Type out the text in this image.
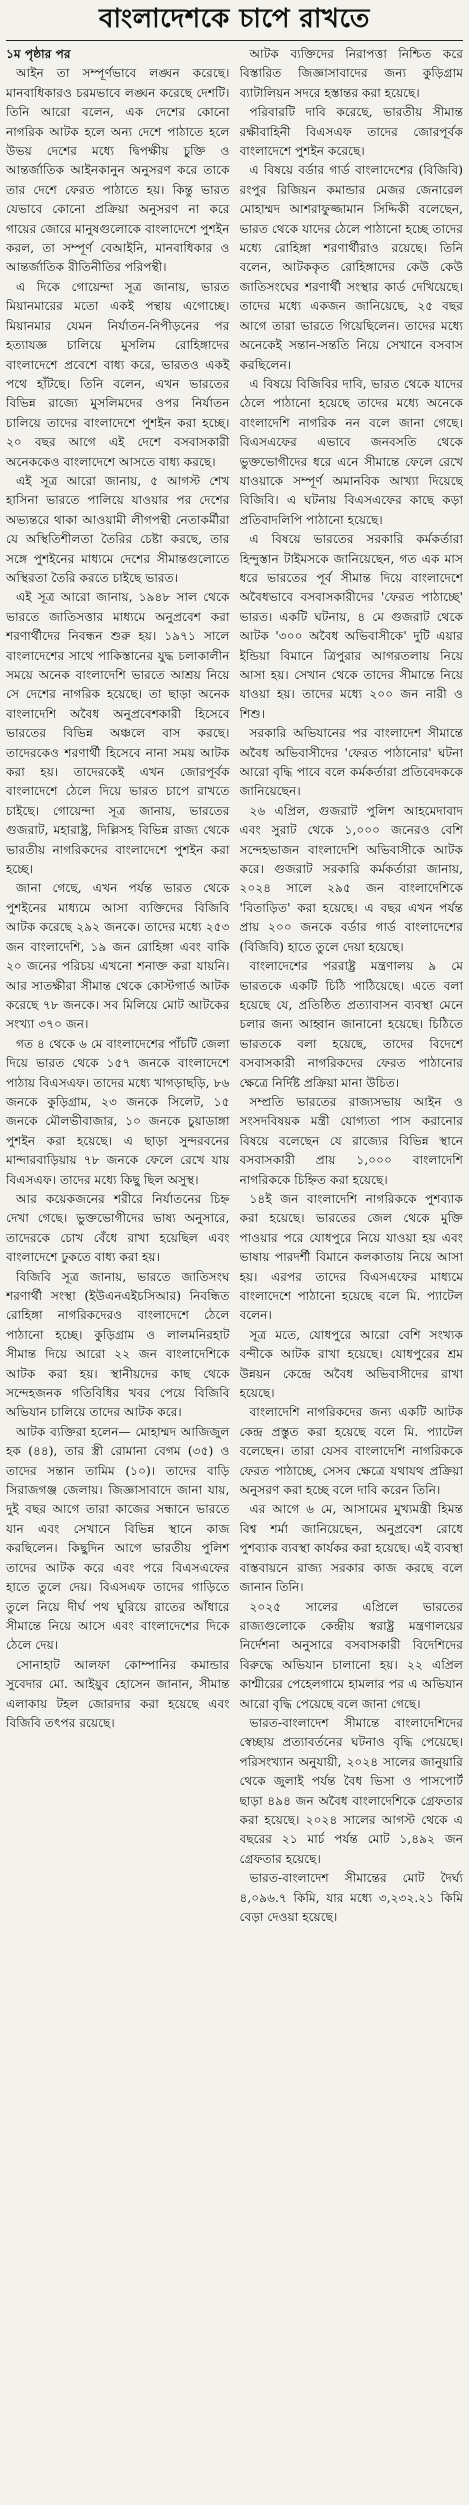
বাংলাদেশকে চাপে রাখতে

১ম পৃষ্ঠার পর

আইন তা সম্পূর্ণভাবে লঙ্ঘন করেছে। মানবাধিকারও চরমভাবে লঙ্ঘন করেছে দেশটি। তিনি আরো বলেন, এক দেশের কোনো নাগরিক আটক হলে অন্য দেশে পাঠাতে হলে উভয় দেশের মধ্যে দ্বিপক্ষীয় চুক্তি ও আন্তর্জাতিক আইনকানুন অনুসরণ করে তাকে তার দেশে ফেরত পাঠাতে হয়। কিন্তু ভারত যেভাবে কোনো প্রক্রিয়া অনুসরণ না করে গায়ের জোরে মানুষগুলোকে বাংলাদেশে পুশইন করল, তা সম্পূর্ণ বেআইনি, মানবাধিকার ও আন্তর্জাতিক রীতিনীতির পরিপন্থী।

এ দিকে গোয়েন্দা সূত্র জানায়, ভারত মিয়ানমারের মতো একই পন্থায় এগোচ্ছে। মিয়ানমার যেমন নির্যাতন-নিপীড়নের পর হত্যাযজ্ঞ চালিয়ে মুসলিম রোহিঙ্গাদের বাংলাদেশে প্রবেশে বাধ্য করে, ভারতও একই পথে হাঁটছে। তিনি বলেন, এখন ভারতের বিভিন্ন রাজ্যে মুসলিমদের ওপর নির্যাতন চালিয়ে তাদের বাংলাদেশে পুশইন করা হচ্ছে। ২০ বছর আগে এই দেশে বসবাসকারী অনেককেও বাংলাদেশে আসতে বাধ্য করছে।

এই সূত্র আরো জানায়, ৫ আগস্ট শেখ হাসিনা ভারতে পালিয়ে যাওয়ার পর দেশের অভ্যন্তরে থাকা আওয়ামী লীগপন্থী নেতাকর্মীরা যে অস্থিতিশীলতা তৈরির চেষ্টা করছে, তার সঙ্গে পুশইনের মাধ্যমে দেশের সীমান্তগুলোতে অস্থিরতা তৈরি করতে চাইছে ভারত।

এই সূত্র আরো জানায়, ১৯৪৮ সাল থেকে ভারতে জাতিসত্তার মাধ্যমে অনুপ্রবেশ করা শরণার্থীদের নিবন্ধন শুরু হয়। ১৯৭১ সালে বাংলাদেশের সাথে পাকিস্তানের যুদ্ধ চলাকালীন সময়ে অনেক বাংলাদেশি ভারতে আশ্রয় নিয়ে সে দেশের নাগরিক হয়েছে। তা ছাড়া অনেক বাংলাদেশি অবৈধ অনুপ্রবেশকারী হিসেবে ভারতের বিভিন্ন অঞ্চলে বাস করছে। তাদেরকেও শরণার্থী হিসেবে নানা সময় আটক করা হয়। তাদেরকেই এখন জোরপূর্বক বাংলাদেশে ঠেলে দিয়ে ভারত চাপে রাখতে চাইছে। গোয়েন্দা সূত্র জানায়, ভারতের গুজরাট, মহারাষ্ট্র, দিল্লিসহ বিভিন্ন রাজ্য থেকে ভারতীয় নাগরিকদের বাংলাদেশে পুশইন করা হচ্ছে।

জানা গেছে, এখন পর্যন্ত ভারত থেকে পুশইনের মাধ্যমে আসা ব্যক্তিদের বিজিবি আটক করেছে ২৯২ জনকে। তাদের মধ্যে ২৫৩ জন বাংলাদেশি, ১৯ জন রোহিঙ্গা এবং বাকি ২০ জনের পরিচয় এখনো শনাক্ত করা যায়নি। আর সাতক্ষীরা সীমান্ত থেকে কোস্টগার্ড আটক করেছে ৭৮ জনকে। সব মিলিয়ে মোট আটকের সংখ্যা ৩৭০ জন।

গত ৪ থেকে ৬ মে বাংলাদেশের পাঁচটি জেলা দিয়ে ভারত থেকে ১৫৭ জনকে বাংলাদেশে পাঠায় বিএসএফ। তাদের মধ্যে খাগড়াছড়ি, ৮৬ জনকে কুড়িগ্রাম, ২৩ জনকে সিলেট, ১৫ জনকে মৌলভীবাজার, ১০ জনকে চুয়াডাঙ্গা পুশইন করা হয়েছে। এ ছাড়া সুন্দরবনের মান্দারবাড়িয়ায় ৭৮ জনকে ফেলে রেখে যায় বিএসএফ। তাদের মধ্যে কিছু ছিল অসুস্থ।

আর কয়েকজনের শরীরে নির্যাতনের চিহ্ন দেখা গেছে। ভুক্তভোগীদের ভাষ্য অনুসারে, তাদেরকে চোখ বেঁধে রাখা হয়েছিল এবং বাংলাদেশে ঢুকতে বাধ্য করা হয়।

বিজিবি সূত্র জানায়, ভারতে জাতিসংঘ শরণার্থী সংস্থা (ইউএনএইচসিআর) নিবন্ধিত রোহিঙ্গা নাগরিকদেরও বাংলাদেশে ঠেলে পাঠানো হচ্ছে। কুড়িগ্রাম ও লালমনিরহাট সীমান্ত দিয়ে আরো ২২ জন বাংলাদেশিকে আটক করা হয়। স্থানীয়দের কাছ থেকে সন্দেহজনক গতিবিধির খবর পেয়ে বিজিবি অভিযান চালিয়ে তাদের আটক করে।

আটক ব্যক্তিরা হলেন— মোহাম্মদ আজিজুল হক (৪৪), তার স্ত্রী রোমানা বেগম (৩৫) ও তাদের সন্তান তামিম (১০)। তাদের বাড়ি সিরাজগঞ্জ জেলায়। জিজ্ঞাসাবাদে জানা যায়, দুই বছর আগে তারা কাজের সন্ধানে ভারতে যান এবং সেখানে বিভিন্ন স্থানে কাজ করছিলেন। কিছুদিন আগে ভারতীয় পুলিশ তাদের আটক করে এবং পরে বিএসএফের হাতে তুলে দেয়। বিএসএফ তাদের গাড়িতে তুলে নিয়ে দীর্ঘ পথ ঘুরিয়ে রাতের আঁধারে সীমান্তে নিয়ে আসে এবং বাংলাদেশের দিকে ঠেলে দেয়।

সোনাহাট আলফা কোম্পানির কমান্ডার সুবেদার মো. আইয়ুব হোসেন জানান, সীমান্ত এলাকায় টহল জোরদার করা হয়েছে এবং বিজিবি তৎপর রয়েছে।

আটক ব্যক্তিদের নিরাপত্তা নিশ্চিত করে বিস্তারিত জিজ্ঞাসাবাদের জন্য কুড়িগ্রাম ব্যাটালিয়ন সদরে হস্তান্তর করা হয়েছে।

পরিবারটি দাবি করেছে, ভারতীয় সীমান্ত রক্ষীবাহিনী বিএসএফ তাদের জোরপূর্বক বাংলাদেশে পুশইন করেছে।

এ বিষয়ে বর্ডার গার্ড বাংলাদেশের (বিজিবি) রংপুর রিজিয়ন কমান্ডার মেজর জেনারেল মোহাম্মদ আশরাফুজ্জামান সিদ্দিকী বলেছেন, ভারত থেকে যাদের ঠেলে পাঠানো হচ্ছে তাদের মধ্যে রোহিঙ্গা শরণার্থীরাও রয়েছে। তিনি বলেন, আটককৃত রোহিঙ্গাদের কেউ কেউ জাতিসংঘের শরণার্থী সংস্থার কার্ড দেখিয়েছে। তাদের মধ্যে একজন জানিয়েছে, ২৫ বছর আগে তারা ভারতে গিয়েছিলেন। তাদের মধ্যে অনেকেই সন্তান-সন্ততি নিয়ে সেখানে বসবাস করছিলেন।

এ বিষয়ে বিজিবির দাবি, ভারত থেকে যাদের ঠেলে পাঠানো হয়েছে তাদের মধ্যে অনেকে বাংলাদেশি নাগরিক নন বলে জানা গেছে। বিএসএফের এভাবে জনবসতি থেকে ভুক্তভোগীদের ধরে এনে সীমান্তে ফেলে রেখে যাওয়াকে সম্পূর্ণ অমানবিক আখ্যা দিয়েছে বিজিবি। এ ঘটনায় বিএসএফের কাছে কড়া প্রতিবাদলিপি পাঠানো হয়েছে।

এ বিষয়ে ভারতের সরকারি কর্মকর্তারা হিন্দুস্তান টাইমসকে জানিয়েছেন, গত এক মাস ধরে ভারতের পূর্ব সীমান্ত দিয়ে বাংলাদেশে অবৈধভাবে বসবাসকারীদের 'ফেরত পাঠাচ্ছে' ভারত। একটি ঘটনায়, ৪ মে গুজরাট থেকে আটক '৩০০ অবৈধ অভিবাসীকে' দুটি এয়ার ইন্ডিয়া বিমানে ত্রিপুরার আগরতলায় নিয়ে আসা হয়। সেখান থেকে তাদের সীমান্তে নিয়ে যাওয়া হয়। তাদের মধ্যে ২০০ জন নারী ও শিশু।

সরকারি অভিযানের পর বাংলাদেশ সীমান্তে অবৈধ অভিবাসীদের 'ফেরত পাঠানোর' ঘটনা আরো বৃদ্ধি পাবে বলে কর্মকর্তারা প্রতিবেদককে জানিয়েছেন।

২৬ এপ্রিল, গুজরাট পুলিশ আহমেদাবাদ এবং সুরাট থেকে ১,০০০ জনেরও বেশি সন্দেহভাজন বাংলাদেশি অভিবাসীকে আটক করে। গুজরাট সরকারি কর্মকর্তারা জানায়, ২০২৪ সালে ২৯৫ জন বাংলাদেশিকে 'বিতাড়িত' করা হয়েছে। এ বছর এখন পর্যন্ত প্রায় ২০০ জনকে বর্ডার গার্ড বাংলাদেশের (বিজিবি) হাতে তুলে দেয়া হয়েছে।

বাংলাদেশের পররাষ্ট্র মন্ত্রণালয় ৯ মে ভারতকে একটি চিঠি পাঠিয়েছে। এতে বলা হয়েছে যে, প্রতিষ্ঠিত প্রত্যাবাসন ব্যবস্থা মেনে চলার জন্য আহ্বান জানানো হয়েছে। চিঠিতে ভারতকে বলা হয়েছে, তাদের বিদেশে বসবাসকারী নাগরিকদের ফেরত পাঠানোর ক্ষেত্রে নির্দিষ্ট প্রক্রিয়া মানা উচিত।

সম্প্রতি ভারতের রাজ্যসভায় আইন ও সংসদবিষয়ক মন্ত্রী যোগ্যতা পাস করানোর বিষয়ে বলেছেন যে রাজ্যের বিভিন্ন স্থানে বসবাসকারী প্রায় ১,০০০ বাংলাদেশি নাগরিককে চিহ্নিত করা হয়েছে।

১৪ই জন বাংলাদেশি নাগরিককে পুশব্যাক করা হয়েছে। ভারতের জেল থেকে মুক্তি পাওয়ার পরে যোধপুরে নিয়ে যাওয়া হয় এবং ভাষায় পারদর্শী বিমানে কলকাতায় নিয়ে আসা হয়। এরপর তাদের বিএসএফের মাধ্যমে বাংলাদেশে পাঠানো হয়েছে বলে মি. প্যাটেল বলেন।

সূত্র মতে, যোধপুরে আরো বেশি সংখ্যক বন্দীকে আটক রাখা হয়েছে। যোধপুরের শ্রম উন্নয়ন কেন্দ্রে অবৈধ অভিবাসীদের রাখা হয়েছে।

বাংলাদেশি নাগরিকদের জন্য একটি আটক কেন্দ্র প্রস্তুত করা হয়েছে বলে মি. প্যাটেল বলেছেন। তারা যেসব বাংলাদেশি নাগরিককে ফেরত পাঠাচ্ছে, সেসব ক্ষেত্রে যথাযথ প্রক্রিয়া অনুসরণ করা হচ্ছে বলে দাবি করেন তিনি।

এর আগে ৬ মে, আসামের মুখ্যমন্ত্রী হিমন্ত বিশ্ব শর্মা জানিয়েছেন, অনুপ্রবেশ রোধে পুশব্যাক ব্যবস্থা কার্যকর করা হয়েছে। এই ব্যবস্থা বাস্তবায়নে রাজ্য সরকার কাজ করছে বলে জানান তিনি।

২০২৫ সালের এপ্রিলে ভারতের রাজ্যগুলোকে কেন্দ্রীয় স্বরাষ্ট্র মন্ত্রণালয়ের নির্দেশনা অনুসারে বসবাসকারী বিদেশিদের বিরুদ্ধে অভিযান চালানো হয়। ২২ এপ্রিল কাশ্মীরের পেহেলগামে হামলার পর এ অভিযান আরো বৃদ্ধি পেয়েছে বলে জানা গেছে।

ভারত-বাংলাদেশ সীমান্তে বাংলাদেশিদের স্বেচ্ছায় প্রত্যাবর্তনের ঘটনাও বৃদ্ধি পেয়েছে। পরিসংখ্যান অনুযায়ী, ২০২৪ সালের জানুয়ারি থেকে জুলাই পর্যন্ত বৈধ ভিসা ও পাসপোর্ট ছাড়া ৪৯৪ জন অবৈধ বাংলাদেশিকে গ্রেফতার করা হয়েছে। ২০২৪ সালের আগস্ট থেকে এ বছরের ২১ মার্চ পর্যন্ত মোট ১,৪৯২ জন গ্রেফতার হয়েছে।

ভারত-বাংলাদেশ সীমান্তের মোট দৈর্ঘ্য ৪,০৯৬.৭ কিমি, যার মধ্যে ৩,২৩২.২১ কিমি বেড়া দেওয়া হয়েছে।
